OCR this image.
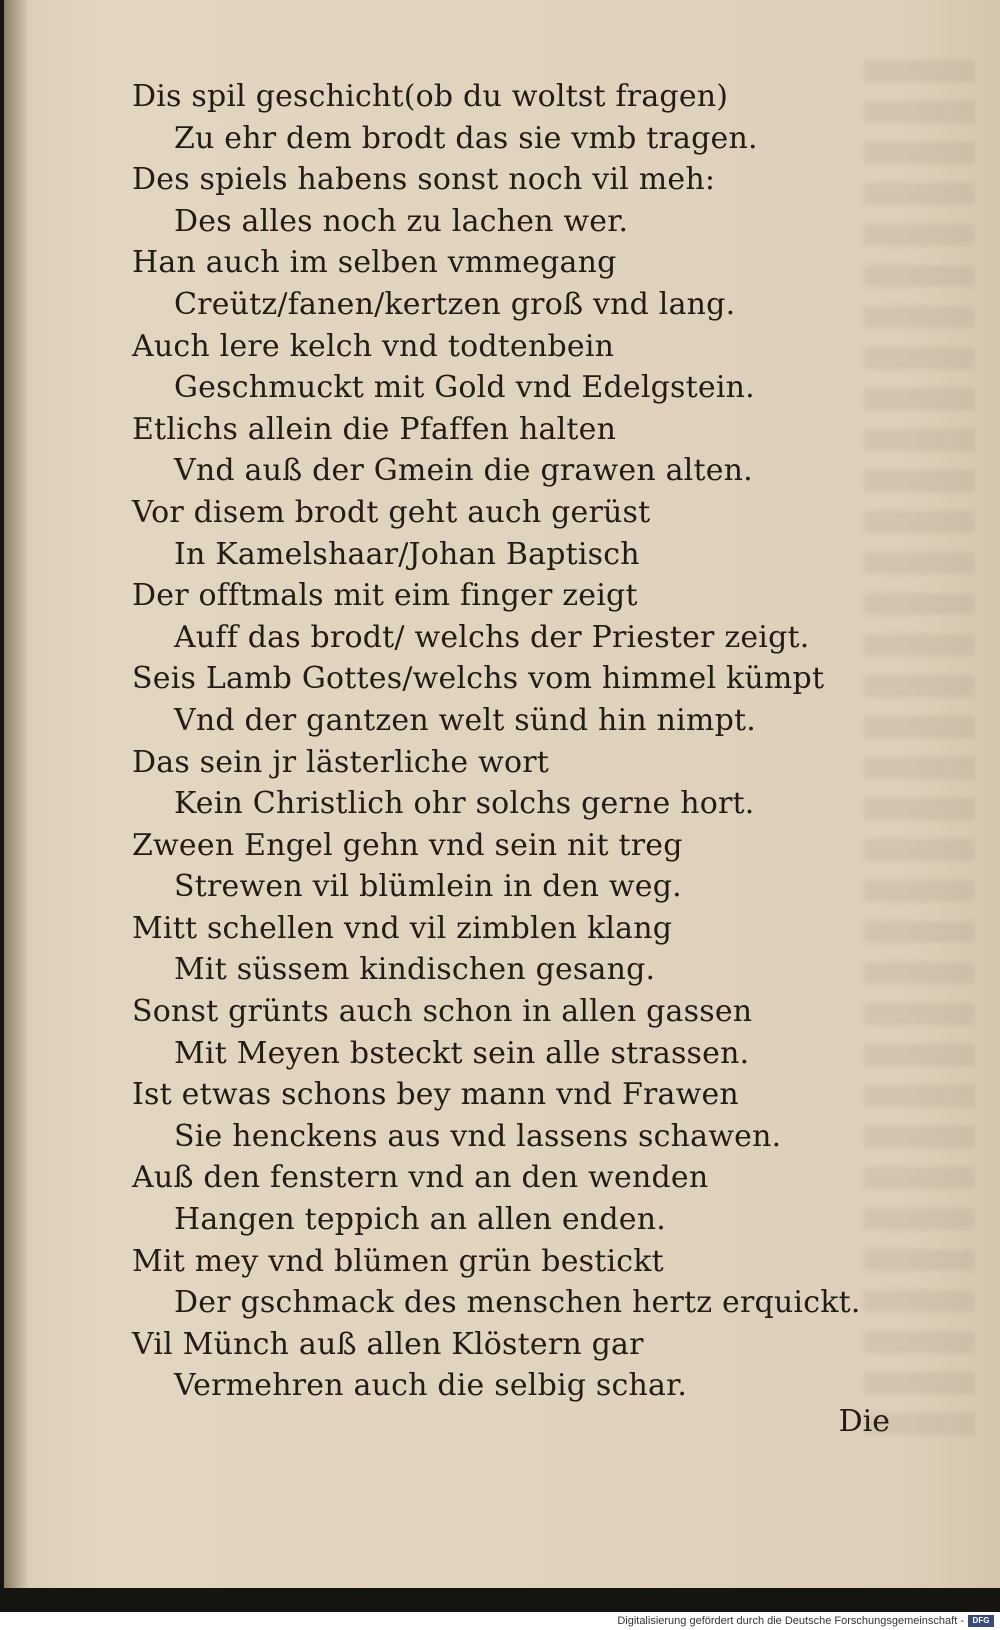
Dis spil geschicht(ob du woltst fragen)
Zu ehr dem brodt das sie vmb tragen.
Des spiels habens sonst noch vil meh:
Des alles noch zu lachen wer.
Han auch im selben vmmegang
Creütz/fanen/kertzen groß vnd lang.
Auch lere kelch vnd todtenbein
Geschmuckt mit Gold vnd Edelgstein.
Etlichs allein die Pfaffen halten
Vnd auß der Gmein die grawen alten.
Vor disem brodt geht auch gerüst
In Kamelshaar/Johan Baptisch
Der offtmals mit eim finger zeigt
Auff das brodt/ welchs der Priester zeigt.
Seis Lamb Gottes/welchs vom himmel kümpt
Vnd der gantzen welt sünd hin nimpt.
Das sein jr lästerliche wort
Kein Christlich ohr solchs gerne hort.
Zween Engel gehn vnd sein nit treg
Strewen vil blümlein in den weg.
Mitt schellen vnd vil zimblen klang
Mit süssem kindischen gesang.
Sonst grünts auch schon in allen gassen
Mit Meyen bsteckt sein alle strassen.
Ist etwas schons bey mann vnd Frawen
Sie henckens aus vnd lassens schawen.
Auß den fenstern vnd an den wenden
Hangen teppich an allen enden.
Mit mey vnd blümen grün bestickt
Der gschmack des menschen hertz erquickt.
Vil Münch auß allen Klöstern gar
Vermehren auch die selbig schar.
Die
Digitalisierung gefördert durch die Deutsche Forschungsgemeinschaft -	DFG
